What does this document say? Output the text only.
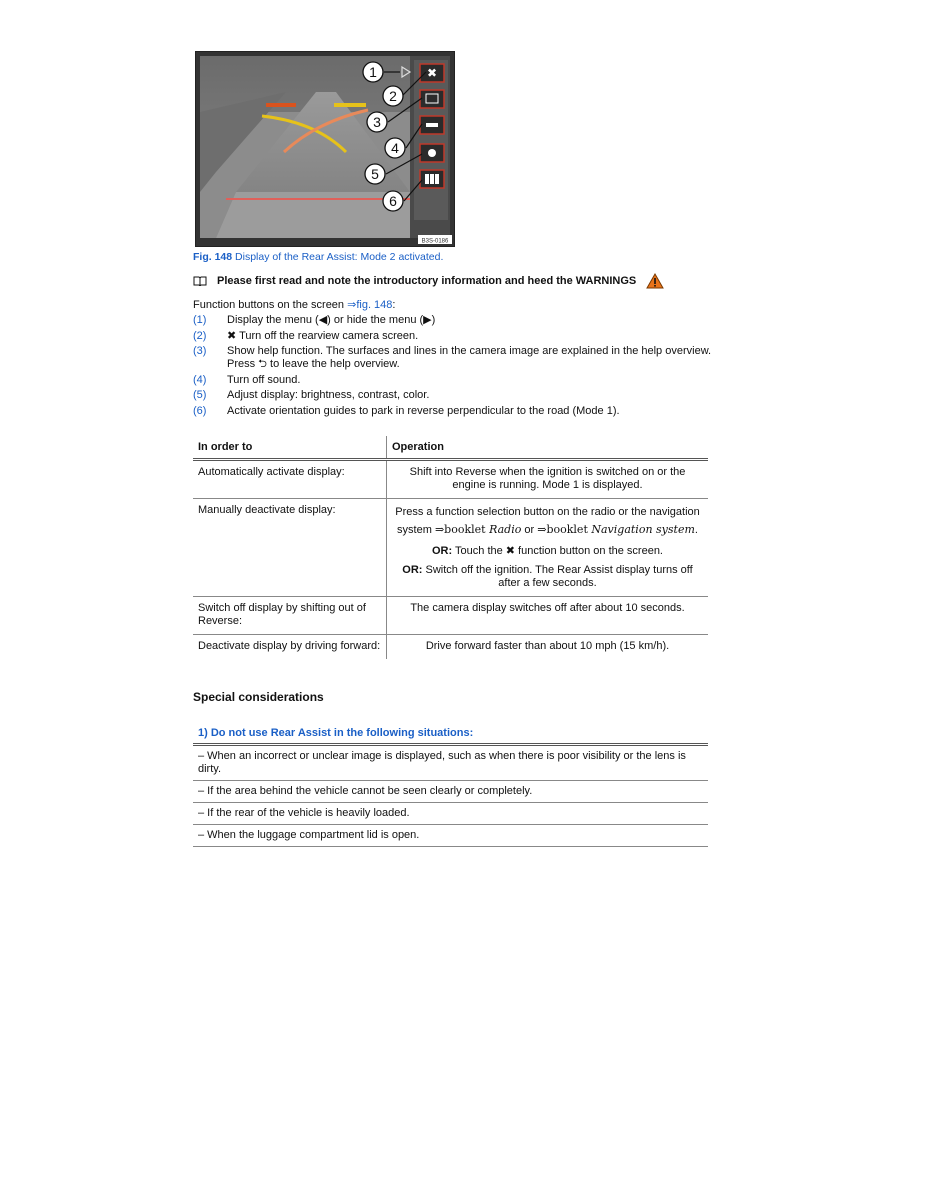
✖
1
2
3
4
5
6
B3S-0186
Fig. 148 Display of the Rear Assist: Mode 2 activated.
Please first read and note the introductory information and heed the WARNINGS
Function buttons on the screen ⇒fig. 148:
(1)	Display the menu (◀) or hide the menu (▶)
(2)	✖ Turn off the rearview camera screen.
(3)	Show help function. The surfaces and lines in the camera image are explained in the help overview. Press ⮌ to leave the help overview.
(4)	Turn off sound.
(5)	Adjust display: brightness, contrast, color.
(6)	Activate orientation guides to park in reverse perpendicular to the road (Mode 1).
In order to	Operation
Automatically activate display:	Shift into Reverse when the ignition is switched on or the engine is running. Mode 1 is displayed.
Manually deactivate display:	Press a function selection button on the radio or the navigation system ⇒booklet Radio or ⇒booklet Navigation system.

OR: Touch the ✖ function button on the screen.

OR: Switch off the ignition. The Rear Assist display turns off after a few seconds.

Switch off display by shifting out of Reverse:	The camera display switches off after about 10 seconds.
Deactivate display by driving forward:	Drive forward faster than about 10 mph (15 km/h).
Special considerations
1) Do not use Rear Assist in the following situations:
– When an incorrect or unclear image is displayed, such as when there is poor visibility or the lens is dirty.
– If the area behind the vehicle cannot be seen clearly or completely.
– If the rear of the vehicle is heavily loaded.
– When the luggage compartment lid is open.
